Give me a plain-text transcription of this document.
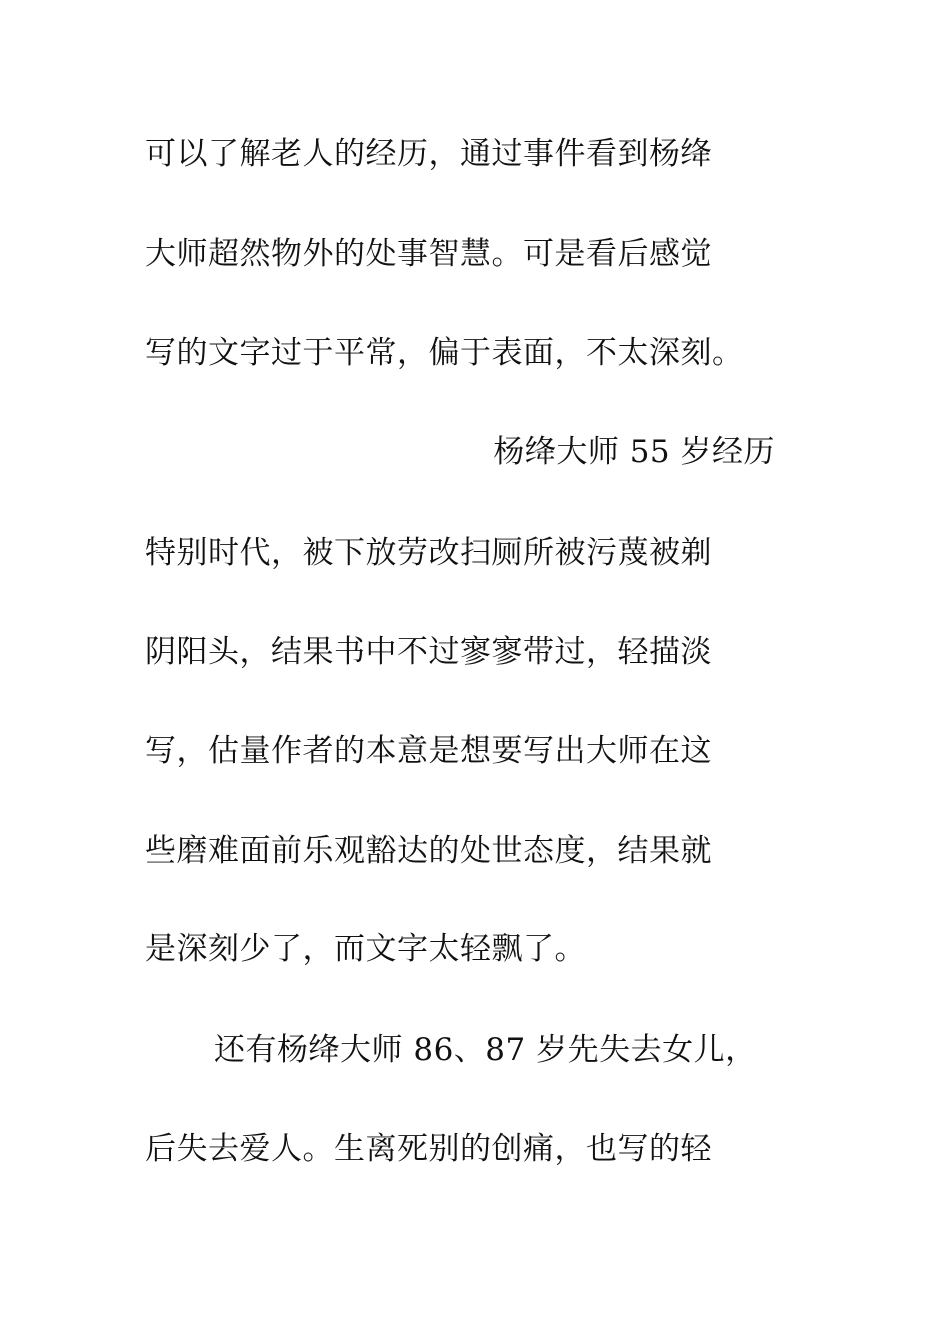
可以了解老人的经历，通过事件看到杨绛
大师超然物外的处事智慧。可是看后感觉
写的文字过于平常，偏于表面，不太深刻。
杨绛大师 55 岁经历
特别时代，被下放劳改扫厕所被污蔑被剃
阴阳头，结果书中不过寥寥带过，轻描淡
写，估量作者的本意是想要写出大师在这
些磨难面前乐观豁达的处世态度，结果就
是深刻少了，而文字太轻飘了。
还有杨绛大师 86、87 岁先失去女儿，
后失去爱人。生离死别的创痛，也写的轻
